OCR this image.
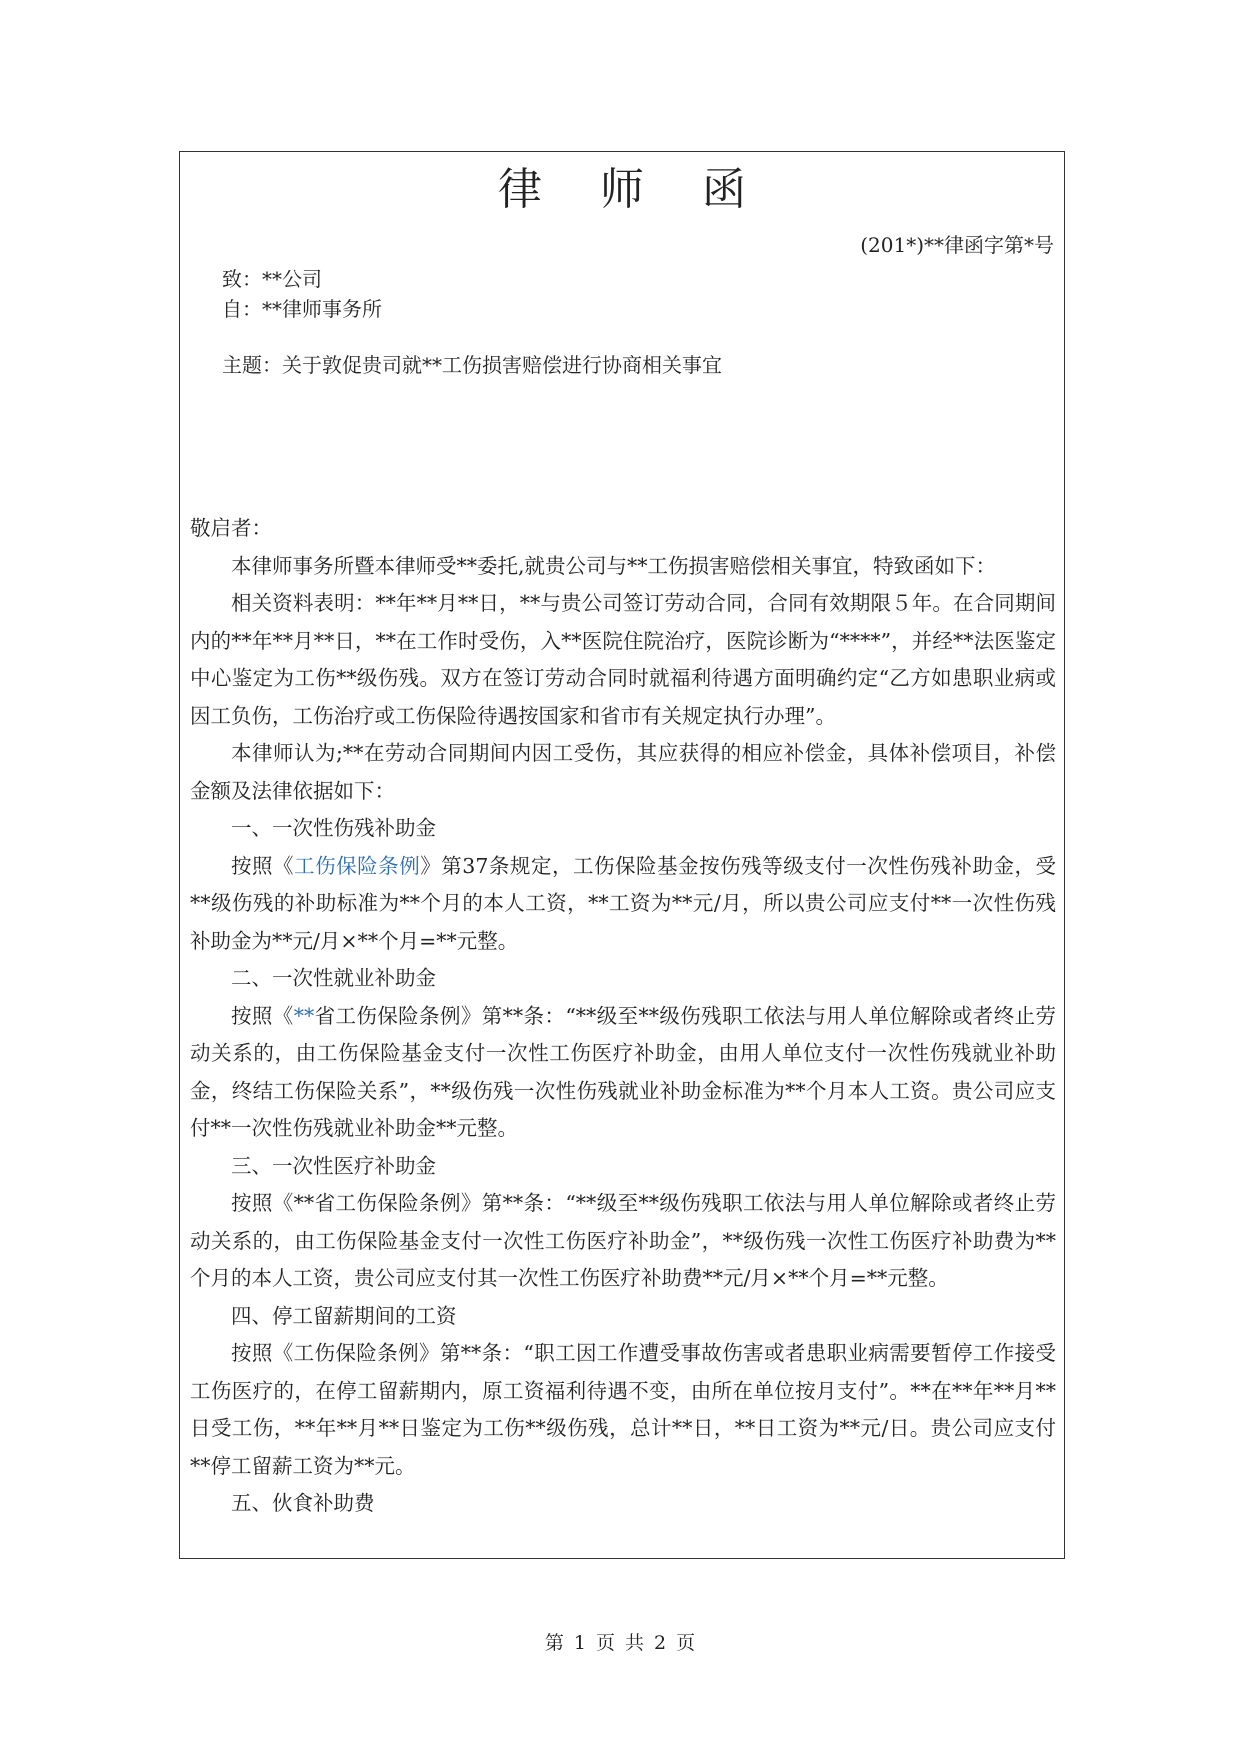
律 师 函
(201*)**律函字第*号
致：**公司
自：**律师事务所
主题：关于敦促贵司就**工伤损害赔偿进行协商相关事宜

敬启者：

本律师事务所暨本律师受**委托,就贵公司与**工伤损害赔偿相关事宜，特致函如下：

相关资料表明：**年**月**日，**与贵公司签订劳动合同，合同有效期限５年。在合同期间内的**年**月**日，**在工作时受伤，入**医院住院治疗，医院诊断为“****”，并经**法医鉴定中心鉴定为工伤**级伤残。双方在签订劳动合同时就福利待遇方面明确约定“乙方如患职业病或因工负伤，工伤治疗或工伤保险待遇按国家和省市有关规定执行办理”。

本律师认为;**在劳动合同期间内因工受伤，其应获得的相应补偿金，具体补偿项目，补偿金额及法律依据如下：

一、一次性伤残补助金

按照《工伤保险条例》第37条规定，工伤保险基金按伤残等级支付一次性伤残补助金，受**级伤残的补助标准为**个月的本人工资，**工资为**元/月，所以贵公司应支付**一次性伤残补助金为**元/月×**个月=**元整。

二、一次性就业补助金

按照《**省工伤保险条例》第**条：“**级至**级伤残职工依法与用人单位解除或者终止劳动关系的，由工伤保险基金支付一次性工伤医疗补助金，由用人单位支付一次性伤残就业补助金，终结工伤保险关系”，**级伤残一次性伤残就业补助金标准为**个月本人工资。贵公司应支付**一次性伤残就业补助金**元整。

三、一次性医疗补助金

按照《**省工伤保险条例》第**条：“**级至**级伤残职工依法与用人单位解除或者终止劳动关系的，由工伤保险基金支付一次性工伤医疗补助金”，**级伤残一次性工伤医疗补助费为**个月的本人工资，贵公司应支付其一次性工伤医疗补助费**元/月×**个月=**元整。

四、停工留薪期间的工资

按照《工伤保险条例》第**条：“职工因工作遭受事故伤害或者患职业病需要暂停工作接受工伤医疗的，在停工留薪期内，原工资福利待遇不变，由所在单位按月支付”。**在**年**月**日受工伤，**年**月**日鉴定为工伤**级伤残，总计**日，**日工资为**元/日。贵公司应支付**停工留薪工资为**元。

五、伙食补助费

第 1 页 共 2 页
